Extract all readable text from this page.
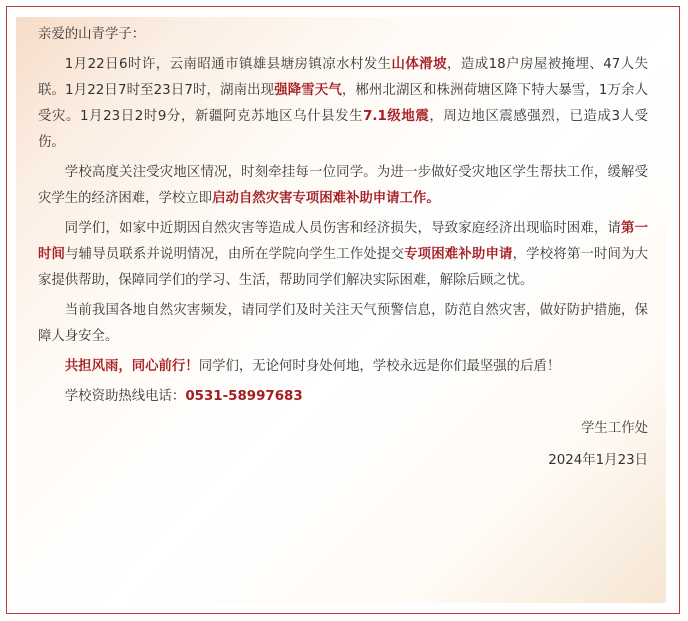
亲爱的山青学子：

1月22日6时许，云南昭通市镇雄县塘房镇凉水村发生山体滑坡，造成18户房屋被掩埋、47人失联。1月22日7时至23日7时，湖南出现强降雪天气，郴州北湖区和株洲荷塘区降下特大暴雪，1万余人受灾。1月23日2时9分，新疆阿克苏地区乌什县发生7.1级地震，周边地区震感强烈，已造成3人受伤。

学校高度关注受灾地区情况，时刻牵挂每一位同学。为进一步做好受灾地区学生帮扶工作，缓解受灾学生的经济困难，学校立即启动自然灾害专项困难补助申请工作。

同学们，如家中近期因自然灾害等造成人员伤害和经济损失，导致家庭经济出现临时困难，请第一时间与辅导员联系并说明情况，由所在学院向学生工作处提交专项困难补助申请，学校将第一时间为大家提供帮助，保障同学们的学习、生活，帮助同学们解决实际困难，解除后顾之忧。

当前我国各地自然灾害频发，请同学们及时关注天气预警信息，防范自然灾害，做好防护措施，保障人身安全。

共担风雨，同心前行！同学们，无论何时身处何地，学校永远是你们最坚强的后盾！

学校资助热线电话：0531-58997683

学生工作处

2024年1月23日
